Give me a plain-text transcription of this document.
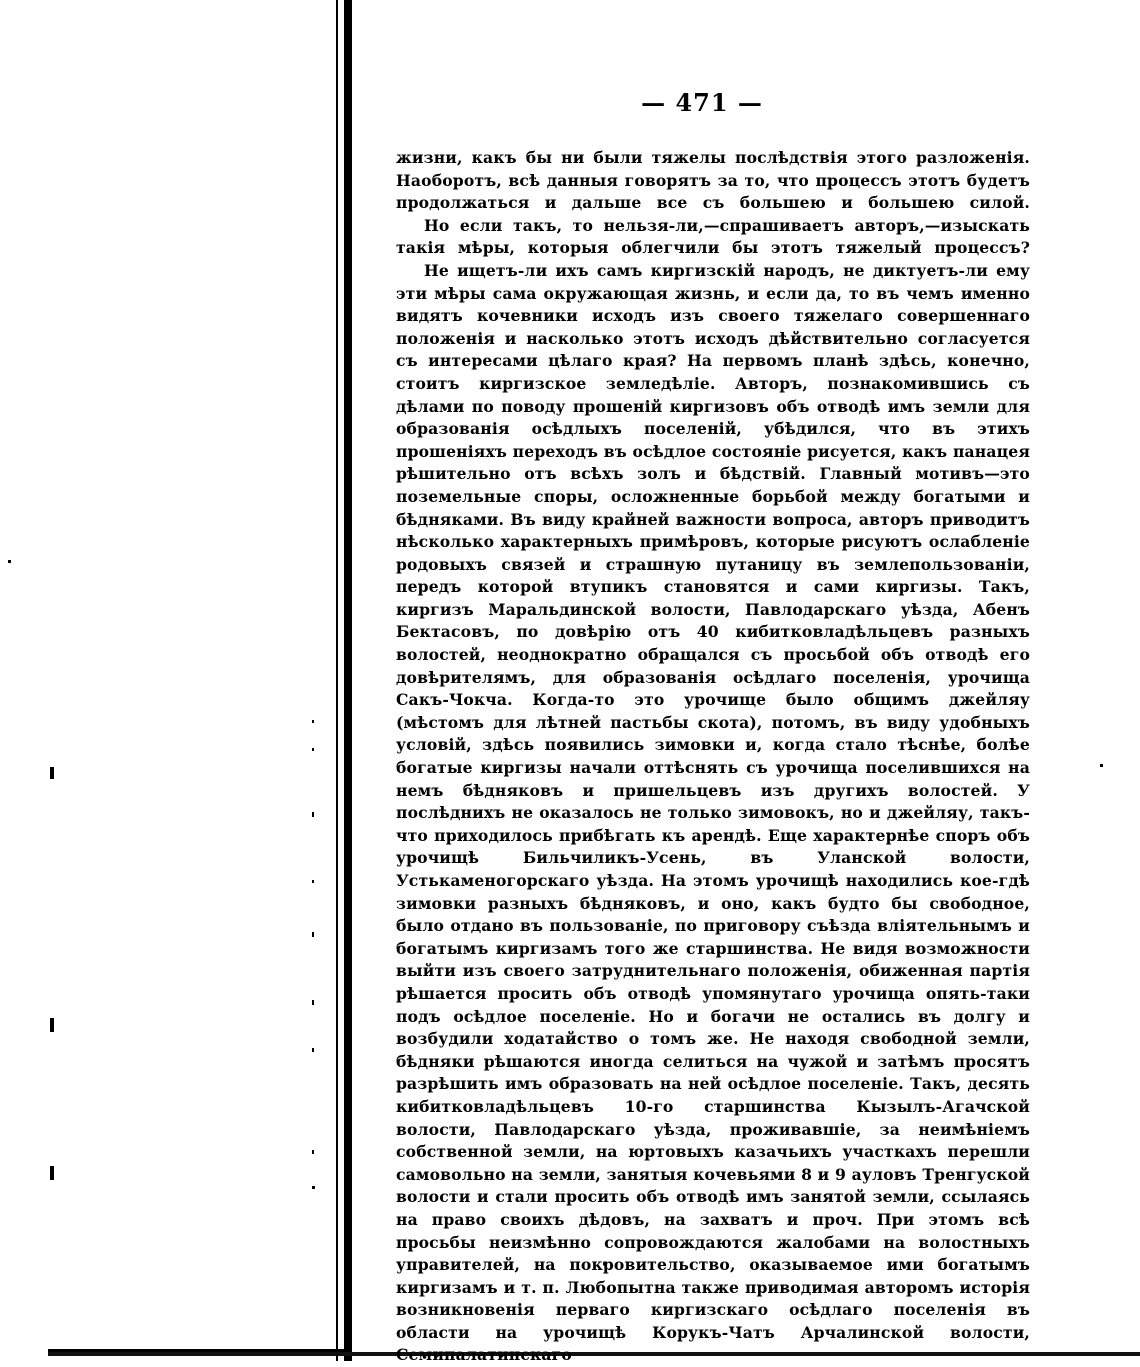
— 471 —

жизни, какъ бы ни были тяжелы послѣдствія этого разложенія. Наоборотъ, всѣ данныя говорятъ за то, что процессъ этотъ будетъ продолжаться и дальше все съ большею и большею силой.

Но если такъ, то нельзя-ли,—спрашиваетъ авторъ,—изыскать такія мѣры, которыя облегчили бы этотъ тяжелый процессъ?

Не ищетъ-ли ихъ самъ киргизскій народъ, не диктуетъ-ли ему эти мѣры сама окружающая жизнь, и если да, то въ чемъ именно видятъ кочевники исходъ изъ своего тяжелаго совершеннаго положенія и насколько этотъ исходъ дѣйствительно согласуется съ интересами цѣлаго края? На первомъ планѣ здѣсь, конечно, стоитъ киргизское земледѣліе. Авторъ, познакомившись съ дѣлами по поводу прошеній киргизовъ объ отводѣ имъ земли для образованія осѣдлыхъ поселеній, убѣдился, что въ этихъ прошеніяхъ переходъ въ осѣдлое состояніе рисуется, какъ панацея рѣшительно отъ всѣхъ золъ и бѣдствій. Главный мотивъ—это поземельные споры, осложненные борьбой между богатыми и бѣдняками. Въ виду крайней важности вопроса, авторъ приводитъ нѣсколько характерныхъ примѣровъ, которые рисуютъ ослабленіе родовыхъ связей и страшную путаницу въ землепользованіи, передъ которой втупикъ становятся и сами киргизы. Такъ, киргизъ Маральдинской волости, Павлодарскаго уѣзда, Абенъ Бектасовъ, по довѣрію отъ 40 кибитковладѣльцевъ разныхъ волостей, неоднократно обращался съ просьбой объ отводѣ его довѣрителямъ, для образованія осѣдлаго поселенія, урочища Сакъ-Чокча. Когда-то это урочище было общимъ джейляу (мѣстомъ для лѣтней пастьбы скота), потомъ, въ виду удобныхъ условій, здѣсь появились зимовки и, когда стало тѣснѣе, болѣе богатые киргизы начали оттѣснять съ урочища поселившихся на немъ бѣдняковъ и пришельцевъ изъ другихъ волостей. У послѣднихъ не оказалось не только зимовокъ, но и джейляу, такъ-что приходилось прибѣгать къ арендѣ. Еще характернѣе споръ объ урочищѣ Бильчиликъ-Усень, въ Уланской волости, Устькаменогорскаго уѣзда. На этомъ урочищѣ находились кое-гдѣ зимовки разныхъ бѣдняковъ, и оно, какъ будто бы свободное, было отдано въ пользованіе, по приговору съѣзда вліятельнымъ и богатымъ киргизамъ того же старшинства. Не видя возможности выйти изъ своего затруднительнаго положенія, обиженная партія рѣшается просить объ отводѣ упомянутаго урочища опять-таки подъ осѣдлое поселеніе. Но и богачи не остались въ долгу и возбудили ходатайство о томъ же. Не находя свободной земли, бѣдняки рѣшаются иногда селиться на чужой и затѣмъ просятъ разрѣшить имъ образовать на ней осѣдлое поселеніе. Такъ, десять кибитковладѣльцевъ 10-го старшинства Кызылъ-Агачской волости, Павлодарскаго уѣзда, проживавшіе, за неимѣніемъ собственной земли, на юртовыхъ казачьихъ участкахъ перешли самовольно на земли, занятыя кочевьями 8 и 9 ауловъ Трeнгуской волости и стали просить объ отводѣ имъ занятой земли, ссылаясь на право своихъ дѣдовъ, на захватъ и проч. При этомъ всѣ просьбы неизмѣнно сопровождаются жалобами на волостныхъ управителей, на покровительство, оказываемое ими богатымъ киргизамъ и т. п. Любопытна также приводимая авторомъ исторія возникновенія перваго киргизскаго осѣдлаго поселенія въ области на урочищѣ Корукъ-Чатъ Арчалинской волости, Семипалатинскаго
